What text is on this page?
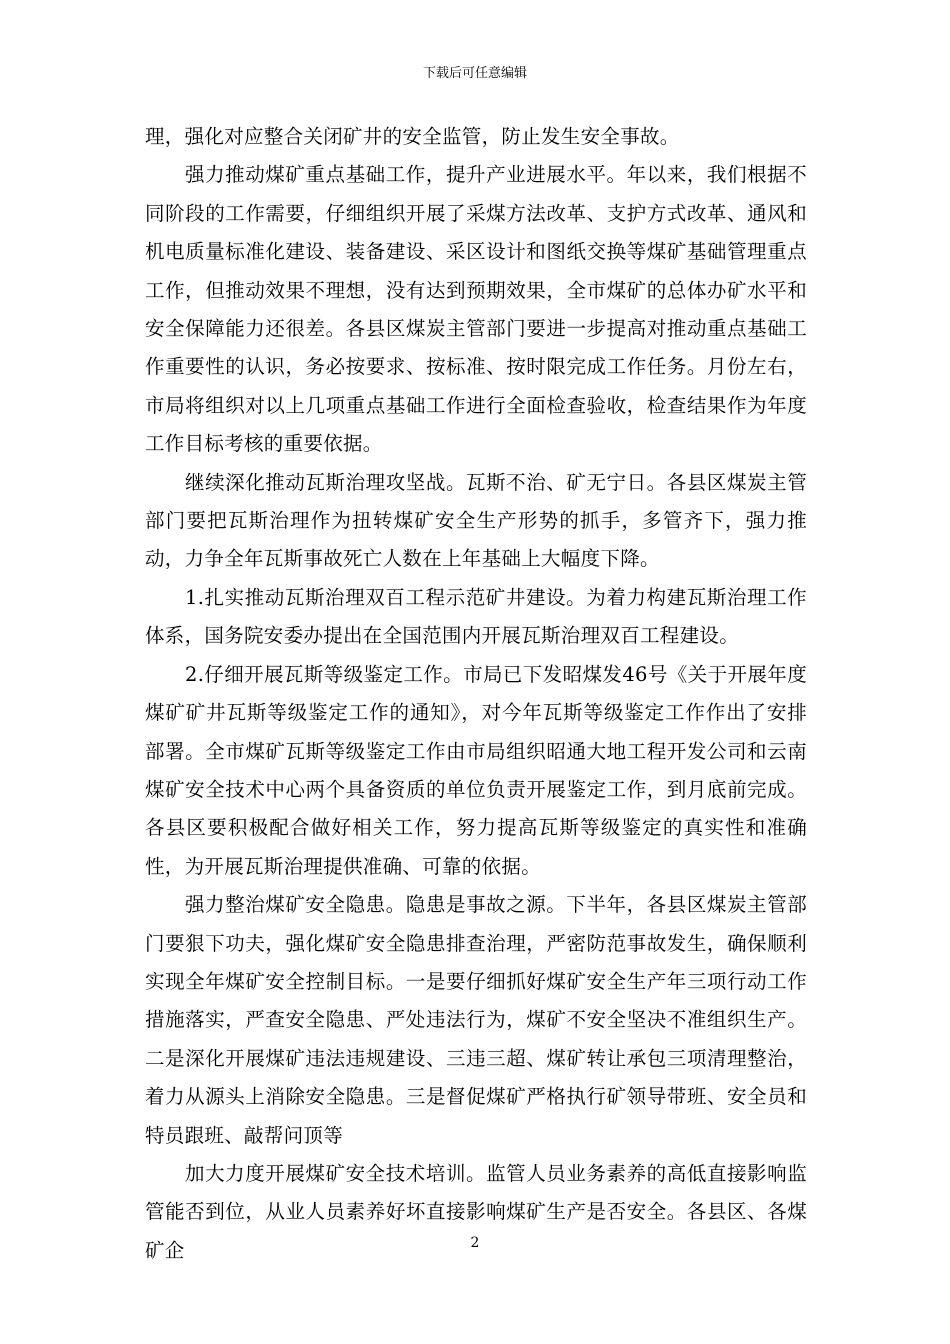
下载后可任意编辑

理，强化对应整合关闭矿井的安全监管，防止发生安全事故。

强力推动煤矿重点基础工作，提升产业进展水平。年以来，我们根据不同阶段的工作需要，仔细组织开展了采煤方法改革、支护方式改革、通风和机电质量标准化建设、装备建设、采区设计和图纸交换等煤矿基础管理重点工作，但推动效果不理想，没有达到预期效果，全市煤矿的总体办矿水平和安全保障能力还很差。各县区煤炭主管部门要进一步提高对推动重点基础工作重要性的认识，务必按要求、按标准、按时限完成工作任务。月份左右，市局将组织对以上几项重点基础工作进行全面检查验收，检查结果作为年度工作目标考核的重要依据。

继续深化推动瓦斯治理攻坚战。瓦斯不治、矿无宁日。各县区煤炭主管部门要把瓦斯治理作为扭转煤矿安全生产形势的抓手，多管齐下，强力推动，力争全年瓦斯事故死亡人数在上年基础上大幅度下降。

1.扎实推动瓦斯治理双百工程示范矿井建设。为着力构建瓦斯治理工作体系，国务院安委办提出在全国范围内开展瓦斯治理双百工程建设。

2.仔细开展瓦斯等级鉴定工作。市局已下发昭煤发46号《关于开展年度煤矿矿井瓦斯等级鉴定工作的通知》，对今年瓦斯等级鉴定工作作出了安排部署。全市煤矿瓦斯等级鉴定工作由市局组织昭通大地工程开发公司和云南煤矿安全技术中心两个具备资质的单位负责开展鉴定工作，到月底前完成。各县区要积极配合做好相关工作，努力提高瓦斯等级鉴定的真实性和准确性，为开展瓦斯治理提供准确、可靠的依据。

强力整治煤矿安全隐患。隐患是事故之源。下半年，各县区煤炭主管部门要狠下功夫，强化煤矿安全隐患排查治理，严密防范事故发生，确保顺利实现全年煤矿安全控制目标。一是要仔细抓好煤矿安全生产年三项行动工作措施落实，严查安全隐患、严处违法行为，煤矿不安全坚决不准组织生产。二是深化开展煤矿违法违规建设、三违三超、煤矿转让承包三项清理整治，着力从源头上消除安全隐患。三是督促煤矿严格执行矿领导带班、安全员和特员跟班、敲帮问顶等

加大力度开展煤矿安全技术培训。监管人员业务素养的高低直接影响监管能否到位，从业人员素养好坏直接影响煤矿生产是否安全。各县区、各煤矿企	2
